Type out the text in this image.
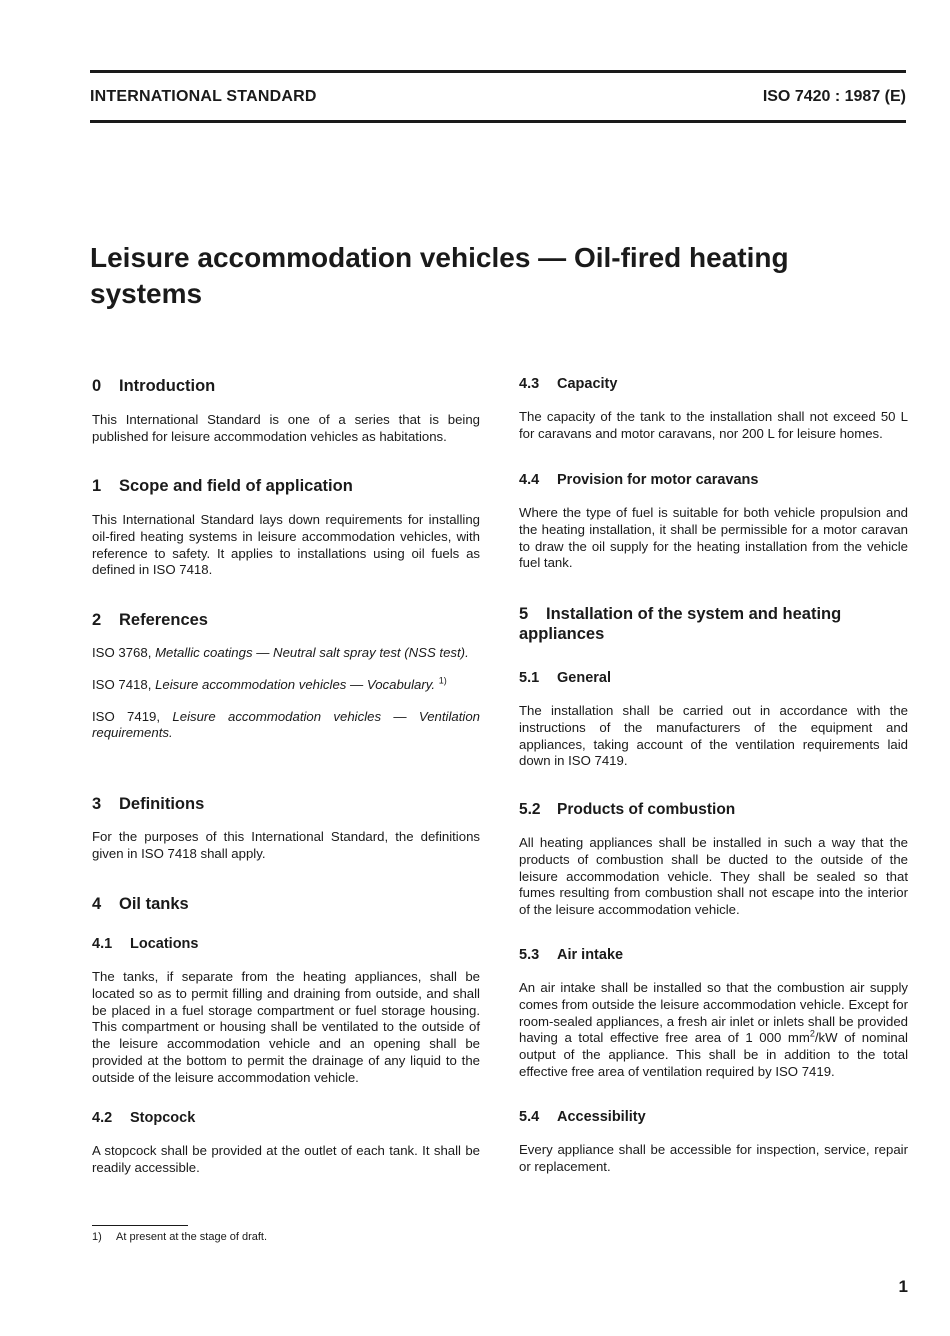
INTERNATIONAL STANDARD	ISO 7420 : 1987 (E)
Leisure accommodation vehicles — Oil-fired heating systems
0 Introduction

This International Standard is one of a series that is being published for leisure accommodation vehicles as habitations.

1 Scope and field of application

This International Standard lays down requirements for installing oil-fired heating systems in leisure accommodation vehicles, with reference to safety. It applies to installations using oil fuels as defined in ISO 7418.

2 References

ISO 3768, Metallic coatings — Neutral salt spray test (NSS test).

ISO 7418, Leisure accommodation vehicles — Vocabulary. $^{1)}$

ISO 7419, Leisure accommodation vehicles — Ventilation requirements.

3 Definitions

For the purposes of this International Standard, the definitions given in ISO 7418 shall apply.

4 Oil tanks
4.1 Locations

The tanks, if separate from the heating appliances, shall be located so as to permit filling and draining from outside, and shall be placed in a fuel storage compartment or fuel storage housing. This compartment or housing shall be ventilated to the outside of the leisure accommodation vehicle and an opening shall be provided at the bottom to permit the drainage of any liquid to the outside of the leisure accommodation vehicle.

4.2 Stopcock

A stopcock shall be provided at the outlet of each tank. It shall be readily accessible.

4.3 Capacity

The capacity of the tank to the installation shall not exceed 50 L for caravans and motor caravans, nor 200 L for leisure homes.

4.4 Provision for motor caravans

Where the type of fuel is suitable for both vehicle propulsion and the heating installation, it shall be permissible for a motor caravan to draw the oil supply for the heating installation from the vehicle fuel tank.

5	Installation of the system and heating appliances
5.1 General

The installation shall be carried out in accordance with the instructions of the manufacturers of the equipment and appliances, taking account of the ventilation requirements laid down in ISO 7419.

5.2 Products of combustion

All heating appliances shall be installed in such a way that the products of combustion shall be ducted to the outside of the leisure accommodation vehicle. They shall be sealed so that fumes resulting from combustion shall not escape into the interior of the leisure accommodation vehicle.

5.3 Air intake

An air intake shall be installed so that the combustion air supply comes from outside the leisure accommodation vehicle. Except for room-sealed appliances, a fresh air inlet or inlets shall be provided having a total effective free area of 1 000 $mm^2/kW$ of nominal output of the appliance. This shall be in addition to the total effective free area of ventilation required by ISO 7419.

5.4 Accessibility

Every appliance shall be accessible for inspection, service, repair or replacement.

1) At present at the stage of draft.
1
